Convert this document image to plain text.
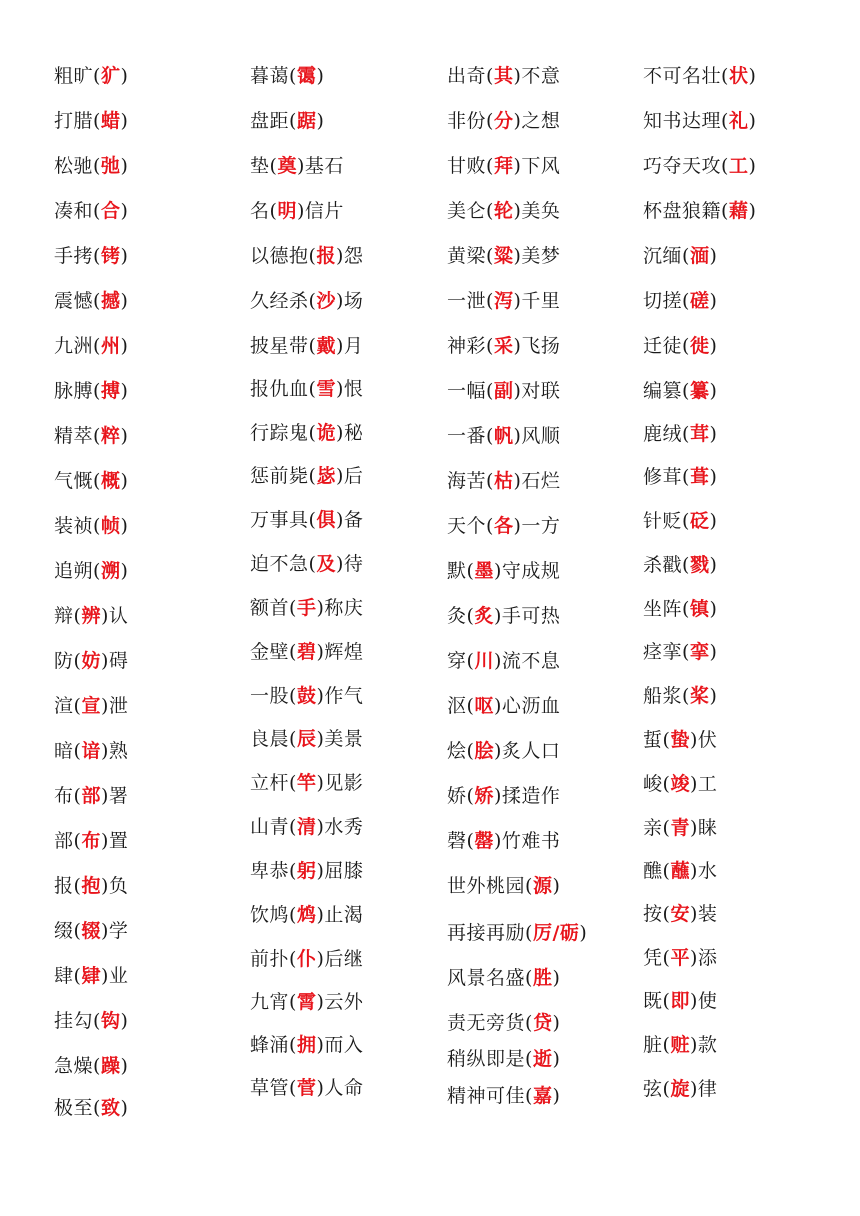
粗旷(犷)
打腊(蜡)
松驰(弛)
凑和(合)
手拷(铐)
震憾(撼)
九洲(州)
脉膊(搏)
精萃(粹)
气慨(概)
装祯(帧)
追朔(溯)
辩(辨)认
防(妨)碍
渲(宣)泄
暗(谙)熟
布(部)署
部(布)置
报(抱)负
缀(辍)学
肆(肄)业
挂勾(钩)
急燥(躁)
极至(致)
暮蔼(霭)
盘距(踞)
垫(奠)基石
名(明)信片
以德抱(报)怨
久经杀(沙)场
披星带(戴)月
报仇血(雪)恨
行踪鬼(诡)秘
惩前毙(毖)后
万事具(俱)备
迫不急(及)待
额首(手)称庆
金壁(碧)辉煌
一股(鼓)作气
良晨(辰)美景
立杆(竿)见影
山青(清)水秀
卑恭(躬)屈膝
饮鸠(鸩)止渴
前扑(仆)后继
九宵(霄)云外
蜂涌(拥)而入
草管(菅)人命
出奇(其)不意
非份(分)之想
甘败(拜)下风
美仑(轮)美奂
黄梁(粱)美梦
一泄(泻)千里
神彩(采)飞扬
一幅(副)对联
一番(帆)风顺
海苦(枯)石烂
天个(各)一方
默(墨)守成规
灸(炙)手可热
穿(川)流不息
沤(呕)心沥血
烩(脍)炙人口
娇(矫)揉造作
磬(罄)竹难书
世外桃园(源)
再接再励(厉/砺)
风景名盛(胜)
责无旁货(贷)
稍纵即是(逝)
精神可佳(嘉)
不可名壮(状)
知书达理(礼)
巧夺天攻(工)
杯盘狼籍(藉)
沉缅(湎)
切搓(磋)
迁徒(徙)
编篡(纂)
鹿绒(茸)
修茸(葺)
针贬(砭)
杀戳(戮)
坐阵(镇)
痉挛(挛)
船浆(桨)
蜇(蛰)伏
峻(竣)工
亲(青)睐
醮(蘸)水
按(安)装
凭(平)添
既(即)使
脏(赃)款
弦(旋)律
